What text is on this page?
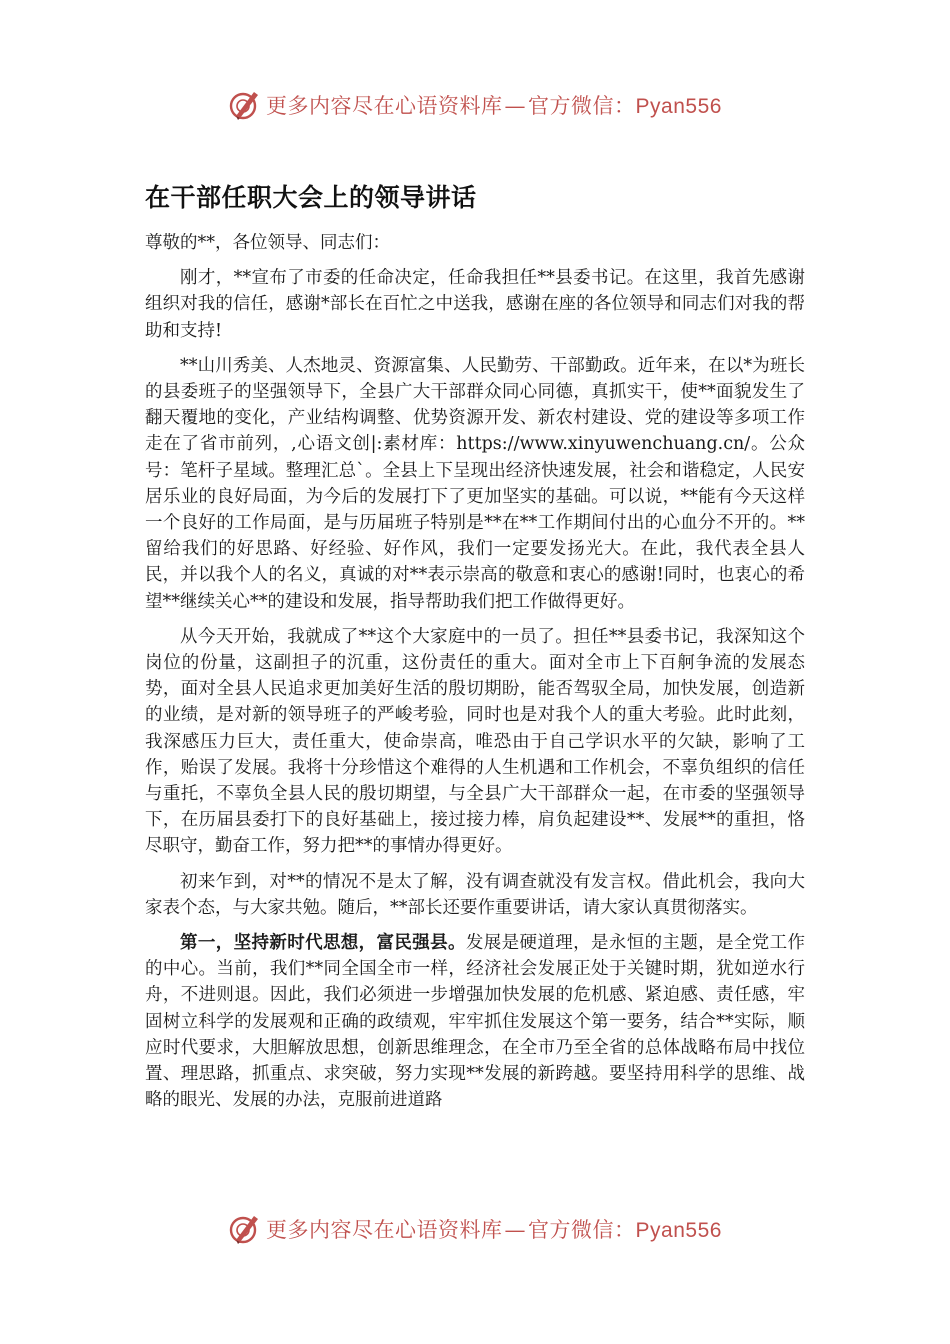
更多内容尽在心语资料库—官方微信：Pyan556
在干部任职大会上的领导讲话

尊敬的**，各位领导、同志们：

刚才，**宣布了市委的任命决定，任命我担任**县委书记。在这里，我首先感谢组织对我的信任，感谢*部长在百忙之中送我，感谢在座的各位领导和同志们对我的帮助和支持!

**山川秀美、人杰地灵、资源富集、人民勤劳、干部勤政。近年来，在以*为班长的县委班子的坚强领导下，全县广大干部群众同心同德，真抓实干，使**面貌发生了翻天覆地的变化，产业结构调整、优势资源开发、新农村建设、党的建设等多项工作走在了省市前列，,心语文创|:素材库：https://www.xinyuwenchuang.cn/。公众号：笔杆子星域。整理汇总`。全县上下呈现出经济快速发展，社会和谐稳定，人民安居乐业的良好局面，为今后的发展打下了更加坚实的基础。可以说，**能有今天这样一个良好的工作局面，是与历届班子特别是**在**工作期间付出的心血分不开的。**留给我们的好思路、好经验、好作风，我们一定要发扬光大。在此，我代表全县人民，并以我个人的名义，真诚的对**表示崇高的敬意和衷心的感谢!同时，也衷心的希望**继续关心**的建设和发展，指导帮助我们把工作做得更好。

从今天开始，我就成了**这个大家庭中的一员了。担任**县委书记，我深知这个岗位的份量，这副担子的沉重，这份责任的重大。面对全市上下百舸争流的发展态势，面对全县人民追求更加美好生活的殷切期盼，能否驾驭全局，加快发展，创造新的业绩，是对新的领导班子的严峻考验，同时也是对我个人的重大考验。此时此刻，我深感压力巨大，责任重大，使命崇高，唯恐由于自己学识水平的欠缺，影响了工作，贻误了发展。我将十分珍惜这个难得的人生机遇和工作机会，不辜负组织的信任与重托，不辜负全县人民的殷切期望，与全县广大干部群众一起，在市委的坚强领导下，在历届县委打下的良好基础上，接过接力棒，肩负起建设**、发展**的重担，恪尽职守，勤奋工作，努力把**的事情办得更好。

初来乍到，对**的情况不是太了解，没有调查就没有发言权。借此机会，我向大家表个态，与大家共勉。随后，**部长还要作重要讲话，请大家认真贯彻落实。

第一，坚持新时代思想，富民强县。发展是硬道理，是永恒的主题，是全党工作的中心。当前，我们**同全国全市一样，经济社会发展正处于关键时期，犹如逆水行舟，不进则退。因此，我们必须进一步增强加快发展的危机感、紧迫感、责任感，牢固树立科学的发展观和正确的政绩观，牢牢抓住发展这个第一要务，结合**实际，顺应时代要求，大胆解放思想，创新思维理念，在全市乃至全省的总体战略布局中找位置、理思路，抓重点、求突破，努力实现**发展的新跨越。要坚持用科学的思维、战略的眼光、发展的办法，克服前进道路

更多内容尽在心语资料库—官方微信：Pyan556
